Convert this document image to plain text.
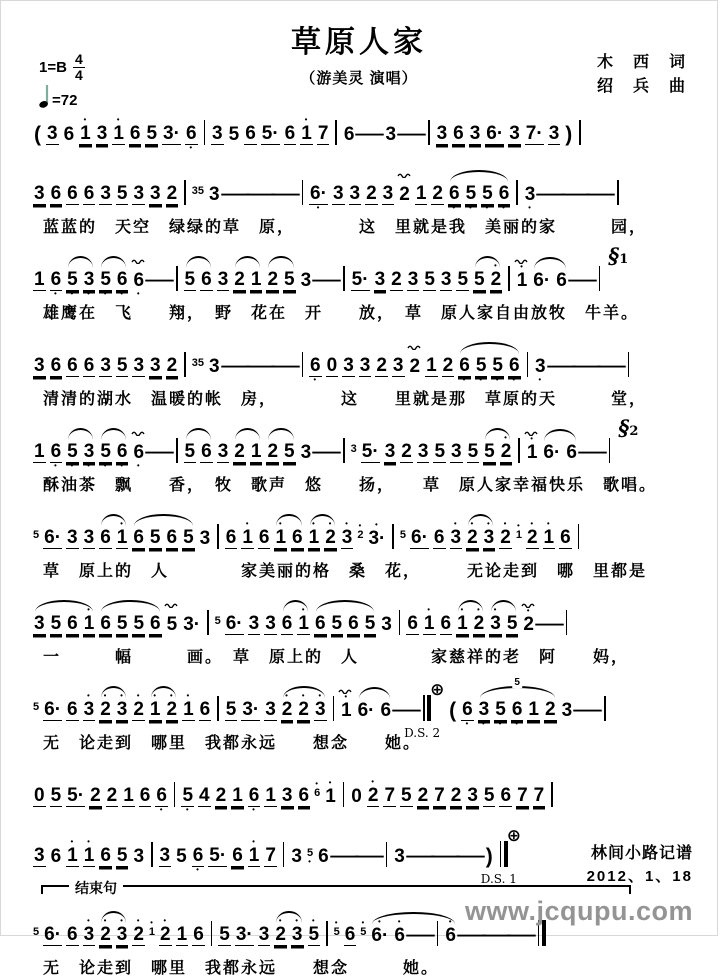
草原人家
（游美灵 演唱）
$1=B \frac{4}{4}$
=72
木　西　词
绍　兵　曲

(

3

6

•
1

3

•
1

6

5

3·

6
•

3

5

6

5·

6

•
1

7

6

—

3

—

3

6

3

6·

3

7·

3

)

3

6

6

6

3

5

3

3

2

35

3

—

—

—

6·
•

3

3

2

3

2

1

2

6
•

5
•

5
•

6
•

3
•

—

—

—

蓝蓝的　天空　绿绿的草　原，　　　　这　里就是我　美丽的家　　　园，

1

6
•

5
•

3
•

5
•

6
•

6
•

—

5

6

3

2

1

2

5

3

—

5·

3

2

3

5

3

5

5

•
2

•
1

6·

6

—

§1
雄鹰在　飞　　翔，　野　花在　开　　放，　草　原人家自由放牧　牛羊。

3

6

6

6

3

5

3

3

2

35

3

—

—

—

6
•

0

3

3

2

3

2

1

2

6
•

5
•

5
•

6
•

3
•

—

—

—

清清的湖水　温暖的帐　房，　　　　这　　里就是那　草原的天　　　堂，

1

6
•

5
•

3
•

5
•

6
•

6
•

—

5

6

3

2

1

2

5

3

—

3

5·

3

2

3

5

3

5

5

•
2

•
1

6·

6

—

§2
酥油茶　飘　　香，　牧　歌声　悠　　扬，　　草　原人家幸福快乐　歌唱。

5

6·

3

3

6

•
1

6

5

6

5

3

6

•
1

6

•
1

6

•
1

•
2

•
3

•
2

•
3·

5

6·

6

•
3

•
2

•
3

•
2

•
1

•
2

•
1

6

草　原上的　人　　　　家美丽的格　桑　花，　　　无论走到　哪　里都是

3

5

6

•
1

6

5

5

6

5

3·

5

6·

3

3

6

•
1

6

5

6

5

3

6

•
1

6

•
1

•
2

•
3

5

•
2

—

一　　　幅　　　画。　草　原上的　人　　　　家慈祥的老　阿　　妈，

5

6·

6

•
3

•
2

•
3

•
2

•
1

•
2

•
1

6

5

3·

3

•
2

•
2

•
3

•
1

6·

6

—

⊕
D.S. 2

(

6
•
5

3
•

5
•

6
•

1

2

3

—

无　论走到　哪里　我都永远　　想念　　她。

0

5

5·

2

2

1

6

6
•

5
•

4

2

1

6
•

1

3

6

•
6

•
1

0

•
2

7

5

2

7

2

3

5

6

7

7

3

6

•
1

•
1

6

5

3

3

5

6
•

5·

6

•
1

7

3

5
•
6

—

—

3

—

—

—

)

⊕
D.S. 1
结束句

5

6·

6

•
3

•
2

•
3

•
2

•
1

•
2

1

6

5

3·

3

•
2

•
3

•
5

•
5

6

•
5

•
6·

•
6

—

•
6

—

—

—

无　论走到　哪里　我都永远　　想念　　　她。
林间小路记谱
2012、1、18
www.jcqupu.com
